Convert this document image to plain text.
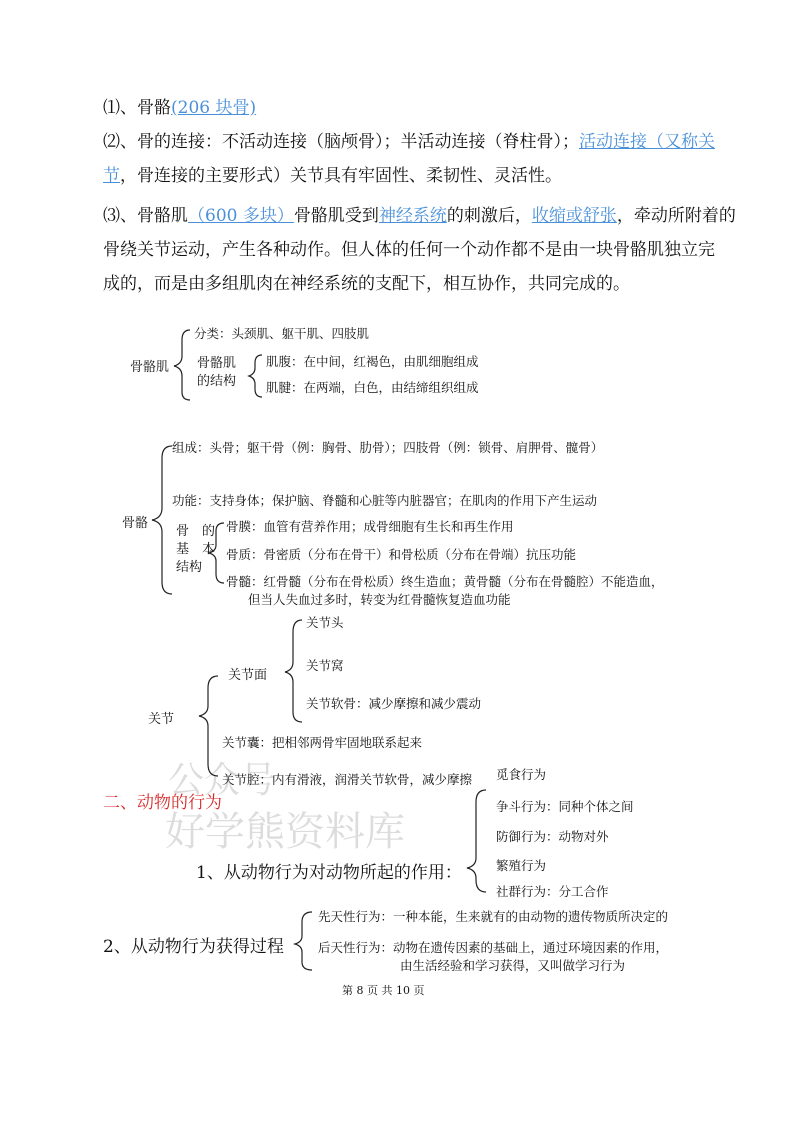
公众号
好学熊资料库
⑴、骨骼(206 块骨)
⑵、骨的连接：不活动连接（脑颅骨）；半活动连接（脊柱骨）；活动连接（又称关
节，骨连接的主要形式）关节具有牢固性、柔韧性、灵活性。
⑶、骨骼肌（600 多块）骨骼肌受到神经系统的刺激后，收缩或舒张，牵动所附着的
骨绕关节运动，产生各种动作。但人体的任何一个动作都不是由一块骨骼肌独立完
成的，而是由多组肌肉在神经系统的支配下，相互协作，共同完成的。
骨骼肌
分类：头颈肌、躯干肌、四肢肌
骨骼肌
的结构
肌腹：在中间，红褐色，由肌细胞组成
肌腱：在两端，白色，由结缔组织组成
骨骼
组成：头骨；躯干骨（例：胸骨、肋骨）；四肢骨（例：锁骨、肩胛骨、髋骨）
功能：支持身体；保护脑、脊髓和心脏等内脏器官；在肌肉的作用下产生运动
骨　的
基　本
结构
骨膜：血管有营养作用；成骨细胞有生长和再生作用
骨质：骨密质（分布在骨干）和骨松质（分布在骨端）抗压功能
骨髓：红骨髓（分布在骨松质）终生造血；黄骨髓（分布在骨髓腔）不能造血，
但当人失血过多时，转变为红骨髓恢复造血功能
关节
关节面
关节头
关节窝
关节软骨：减少摩擦和减少震动
关节囊：把相邻两骨牢固地联系起来
关节腔：内有滑液，润滑关节软骨，减少摩擦
二、动物的行为
1、从动物行为对动物所起的作用：
觅食行为
争斗行为：同种个体之间
防御行为：动物对外
繁殖行为
社群行为：分工合作
2、从动物行为获得过程
先天性行为：一种本能，生来就有的由动物的遗传物质所决定的
后天性行为：动物在遗传因素的基础上，通过环境因素的作用，
由生活经验和学习获得，又叫做学习行为
第 8 页 共 10 页
